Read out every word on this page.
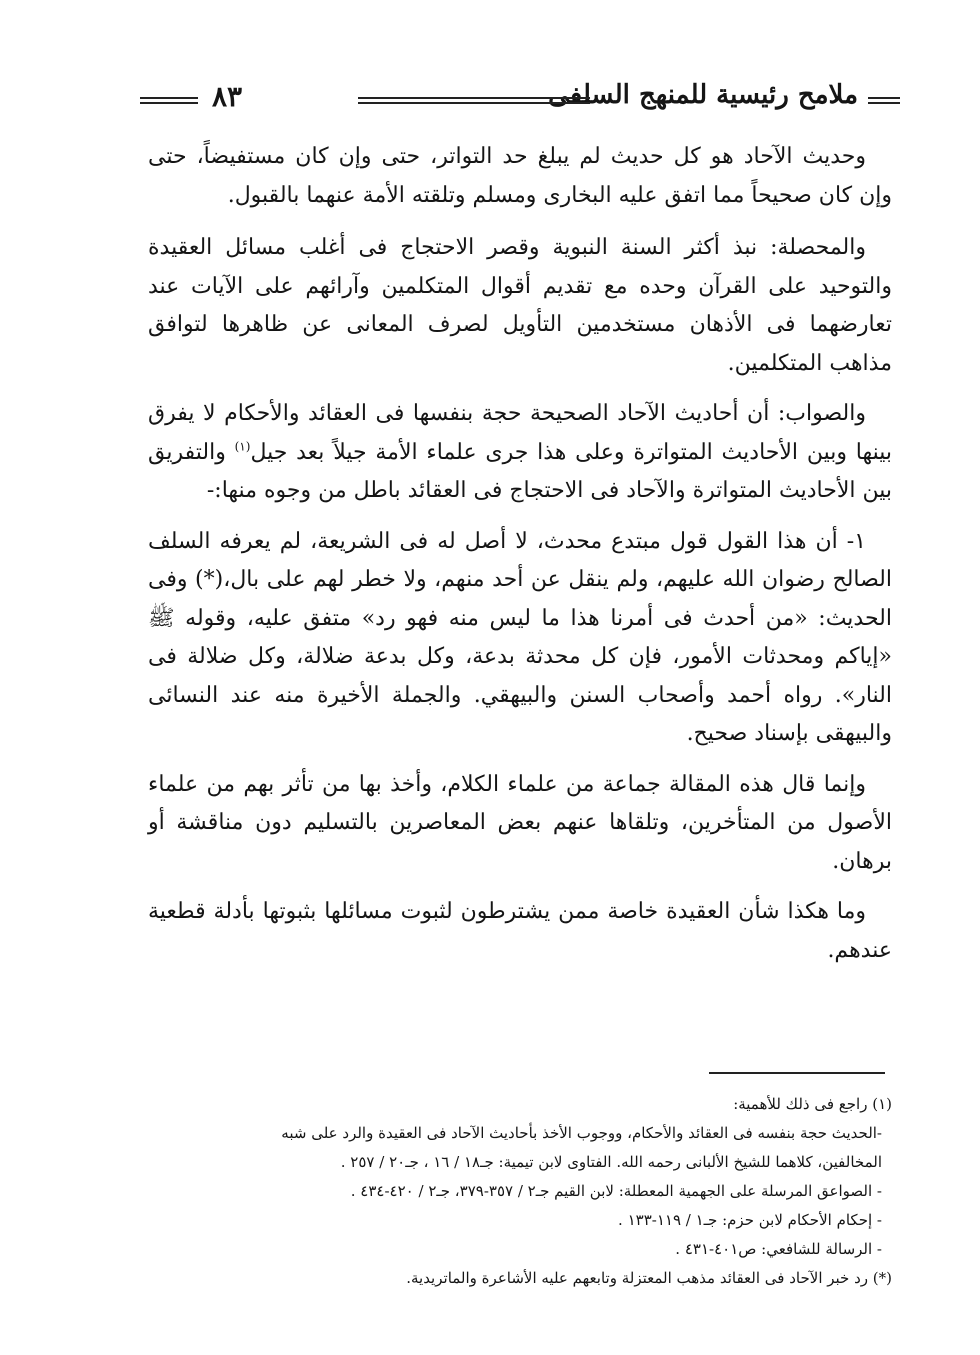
ملامح رئيسية للمنهج السلفى
٨٣

وحديث الآحاد هو كل حديث لم يبلغ حد التواتر، حتى وإن كان مستفيضاً، حتى وإن كان صحيحاً مما اتفق عليه البخارى ومسلم وتلقته الأمة عنهما بالقبول.

والمحصلة: نبذ أكثر السنة النبوية وقصر الاحتجاج فى أغلب مسائل العقيدة والتوحيد على القرآن وحده مع تقديم أقوال المتكلمين وآرائهم على الآيات عند تعارضهما فى الأذهان مستخدمين التأويل لصرف المعانى عن ظاهرها لتوافق مذاهب المتكلمين.

والصواب: أن أحاديث الآحاد الصحيحة حجة بنفسها فى العقائد والأحكام لا يفرق بينها وبين الأحاديث المتواترة وعلى هذا جرى علماء الأمة جيلاً بعد جيل$^{(١)}$ والتفريق بين الأحاديث المتواترة والآحاد فى الاحتجاج فى العقائد باطل من وجوه منها:-

١- أن هذا القول قول مبتدع محدث، لا أصل له فى الشريعة، لم يعرفه السلف الصالح رضوان الله عليهم، ولم ينقل عن أحد منهم، ولا خطر لهم على بال،(*) وفى الحديث: «من أحدث فى أمرنا هذا ما ليس منه فهو رد» متفق عليه، وقوله ﷺ «إياكم ومحدثات الأمور، فإن كل محدثة بدعة، وكل بدعة ضلالة، وكل ضلالة فى النار». رواه أحمد وأصحاب السنن والبيهقي. والجملة الأخيرة منه عند النسائى والبيهقى بإسناد صحيح.

وإنما قال هذه المقالة جماعة من علماء الكلام، وأخذ بها من تأثر بهم من علماء الأصول من المتأخرين، وتلقاها عنهم بعض المعاصرين بالتسليم دون مناقشة أو برهان.

وما هكذا شأن العقيدة خاصة ممن يشترطون لثبوت مسائلها بثبوتها بأدلة قطعية عندهم.

(١) راجع فى ذلك للأهمية:

-الحديث حجة بنفسه فى العقائد والأحكام، ووجوب الأخذ بأحاديث الآحاد فى العقيدة والرد على شبه

المخالفين، كلاهما للشيخ الألبانى رحمه الله. الفتاوى لابن تيمية: جـ١٨ / ١٦ ، جـ٢٠ / ٢٥٧ .

- الصواعق المرسلة على الجهمية المعطلة: لابن القيم جـ٢ / ٣٥٧-٣٧٩، جـ٢ / ٤٢٠-٤٣٤ .

- إحكام الأحكام لابن حزم: جـ١ / ١١٩-١٣٣ .

- الرسالة للشافعي: ص٤٠١-٤٣١ .

(*) رد خبر الآحاد فى العقائد مذهب المعتزلة وتابعهم عليه الأشاعرة والماتريدية.
